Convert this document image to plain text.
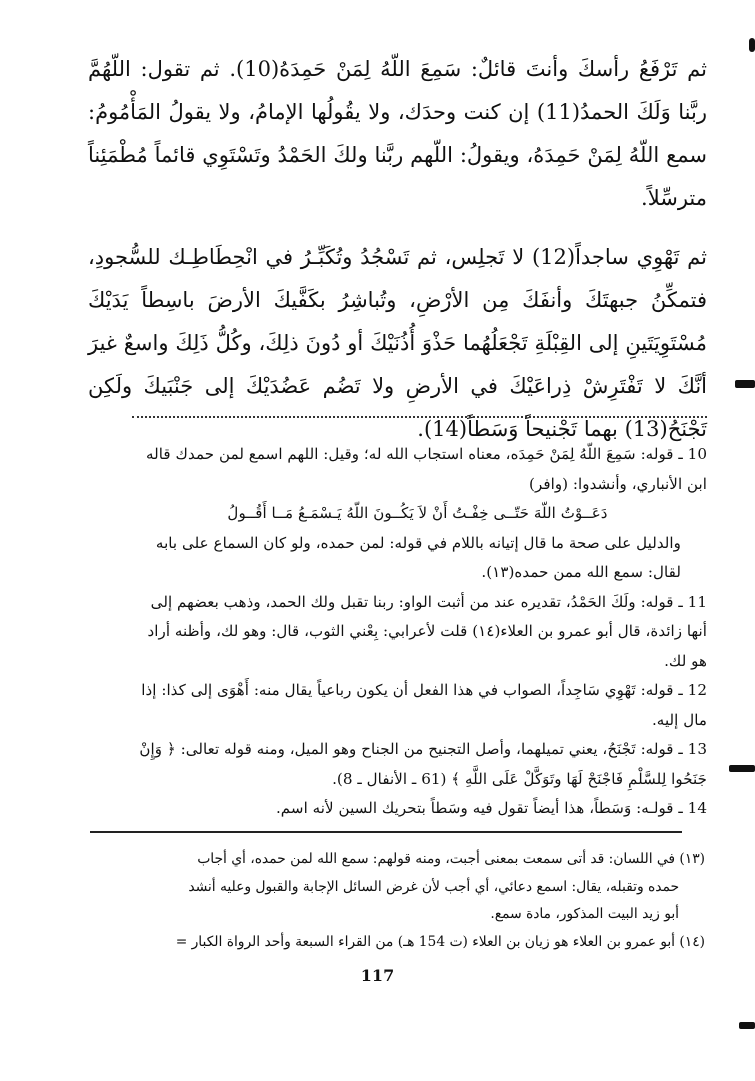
ثم تَرْفَعُ رأسكَ وأنتَ قائلٌ: سَمِعَ اللّهُ لِمَنْ حَمِدَهُ(10). ثم تقول: اللّهُمَّ ربَّنا وَلَكَ الحمدُ(11) إن كنت وحدَك، ولا يقُولُها الإمامُ، ولا يقولُ المَأْمُومُ: سمع اللّهُ لِمَنْ حَمِدَهُ، ويقولُ: اللّهم ربَّنا ولكَ الحَمْدُ وتَسْتَوِي قائماً مُطْمَئِناً مترسِّلاً.

ثم تَهْوِي ساجداً(12) لا تَجلِس، ثم تَسْجُدُ وتُكَبِّـرُ في انْحِطَاطِـك للسُّجودِ، فتمكِّنُ جبهتَكَ وأنفَكَ مِن الأرْضِ، وتُباشِرُ بكَفَّيكَ الأرضَ باسِطاً يَدَيْكَ مُسْتَوِيَتَينِ إلى القِبْلَةِ تَجْعَلُهُما حَذْوَ أُذُنَيْكَ أو دُونَ ذلِكَ، وكُلُّ ذَلِكَ واسعٌ غيرَ أنَّكَ لا تَفْتَرِشْ ذِراعَيْكَ في الأرضِ ولا تَضُم عَضُدَيْكَ إلى جَنْبَيكَ ولَكِن تَجْنَحُ(13) بهما تَجْنيحاً وَسَطاً(14).

10 ـ قوله: سَمِعَ اللّهُ لِمَنْ حَمِدَه، معناه استجاب الله له؛ وقيل: اللهم اسمع لمن حمدك قاله ابن الأنباري، وأنشدوا: (وافر)

دَعَــوْتُ اللّهَ حَتّــى خِفْـتُ أَنْ لاَ يَكُــونَ اللّهُ يَـسْمَـعُ مَــا أَقُــولُ

والدليل على صحة ما قال إتيانه باللام في قوله: لمن حمده، ولو كان السماع على بابه لقال: سمع الله ممن حمده(١٣).

11 ـ قوله: ولَكَ الحَمْدُ، تقديره عند من أثبت الواو: ربنا تقبل ولك الحمد، وذهب بعضهم إلى أنها زائدة، قال أبو عمرو بن العلاء(١٤) قلت لأعرابي: بِعْني الثوب، قال: وهو لك، وأظنه أراد هو لك.

12 ـ قوله: تَهْوِي سَاجِداً، الصواب في هذا الفعل أن يكون رباعياً يقال منه: أَهْوَى إلى كذا: إذا مال إليه.

13 ـ قوله: تَجْنَحُ، يعني تميلهما، وأصل التجنيح من الجناح وهو الميل، ومنه قوله تعالى: ﴿ وَإِنْ جَنَحُوا لِلسَّلْمِ فَاجْنَحْ لَهَا وتَوَكَّلْ عَلَى اللَّهِ ﴾ (61 ـ الأنفال ـ 8).

14 ـ قولـه: وَسَطاً، هذا أيضاً تقول فيه وسَطاً بتحريك السين لأنه اسم.

(١٣) في اللسان: قد أتى سمعت بمعنى أجبت، ومنه قولهم: سمع الله لمن حمده، أي أجاب

حمده وتقبله، يقال: اسمع دعائي، أي أجب لأن غرض السائل الإجابة والقبول وعليه أنشد

أبو زيد البيت المذكور، مادة سمع.

(١٤) أبو عمرو بن العلاء هو زيان بن العلاء (ت 154 هـ) من القراء السبعة وأحد الرواة الكبار =

117
